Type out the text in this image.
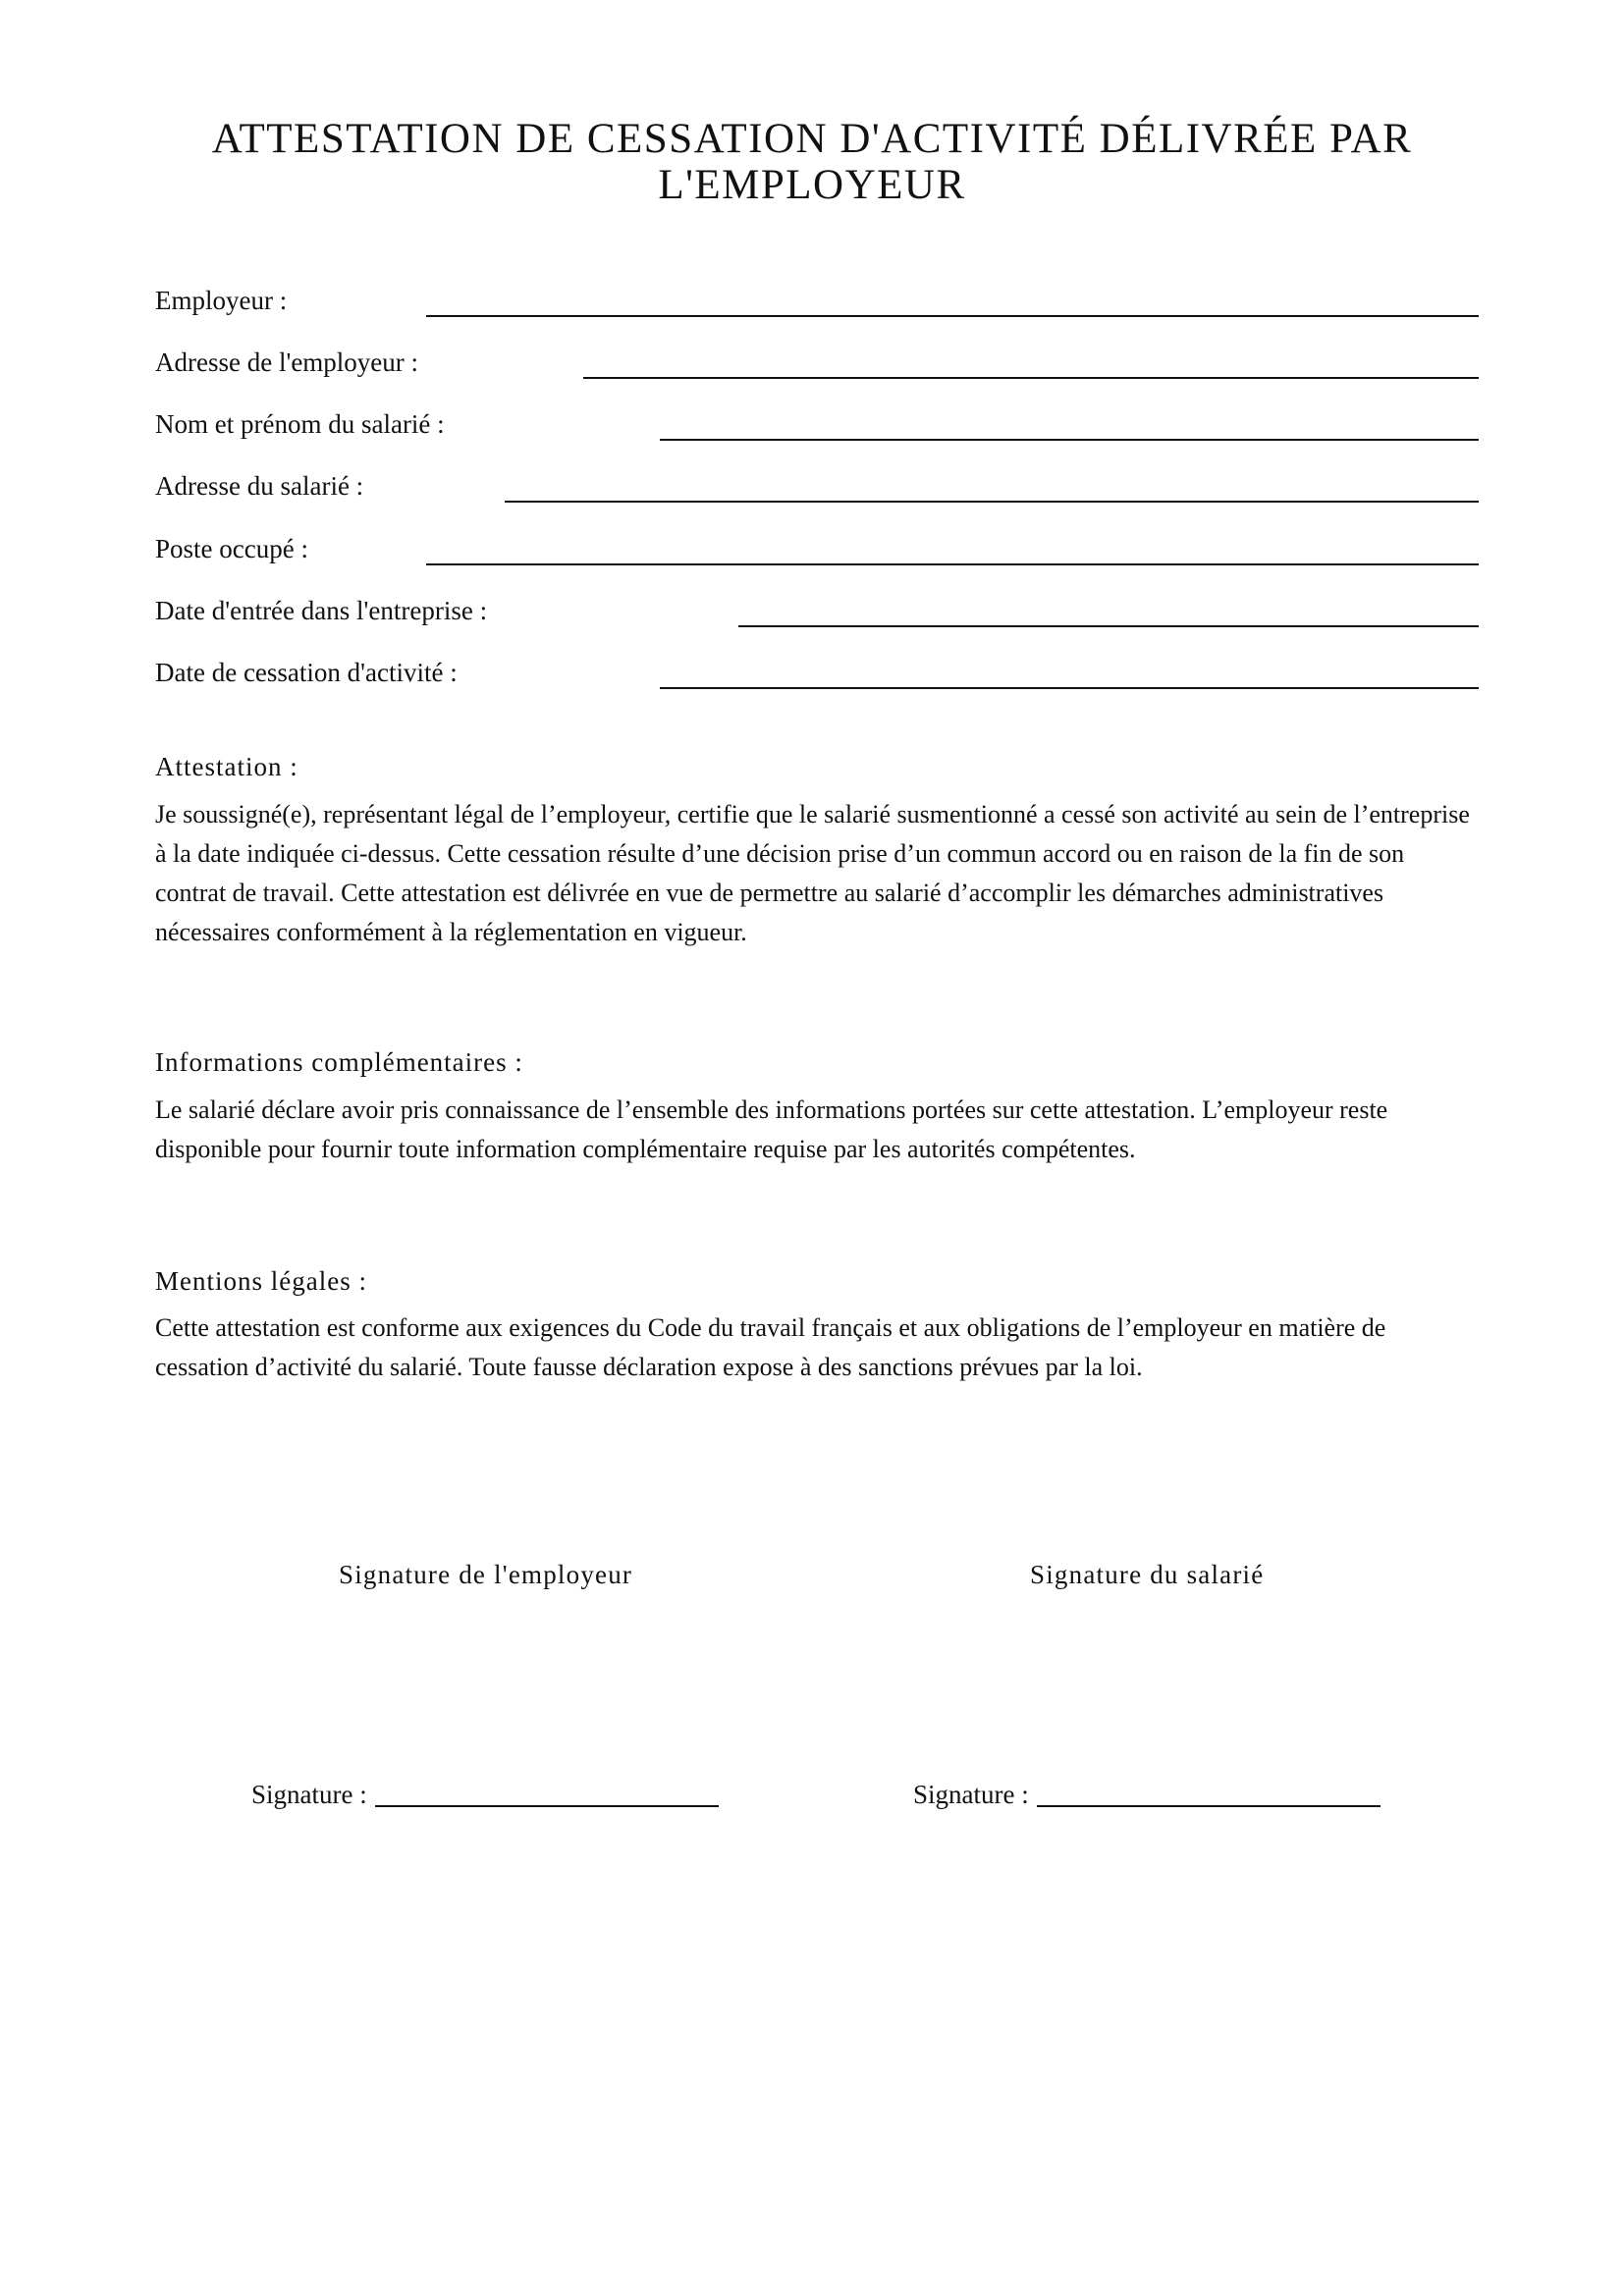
ATTESTATION DE CESSATION D'ACTIVITÉ DÉLIVRÉE PAR L'EMPLOYEUR
Employeur :
Adresse de l'employeur :
Nom et prénom du salarié :
Adresse du salarié :
Poste occupé :
Date d'entrée dans l'entreprise :
Date de cessation d'activité :
Attestation :

Je soussigné(e), représentant légal de l’employeur, certifie que le salarié susmentionné a cessé son activité au sein de l’entreprise à la date indiquée ci-dessus. Cette cessation résulte d’une décision prise d’un commun accord ou en raison de la fin de son contrat de travail. Cette attestation est délivrée en vue de permettre au salarié d’accomplir les démarches administratives nécessaires conformément à la réglementation en vigueur.

Informations complémentaires :

Le salarié déclare avoir pris connaissance de l’ensemble des informations portées sur cette attestation. L’employeur reste disponible pour fournir toute information complémentaire requise par les autorités compétentes.

Mentions légales :

Cette attestation est conforme aux exigences du Code du travail français et aux obligations de l’employeur en matière de cessation d’activité du salarié. Toute fausse déclaration expose à des sanctions prévues par la loi.

Signature de l'employeur	Signature du salarié
Signature :	Signature :
